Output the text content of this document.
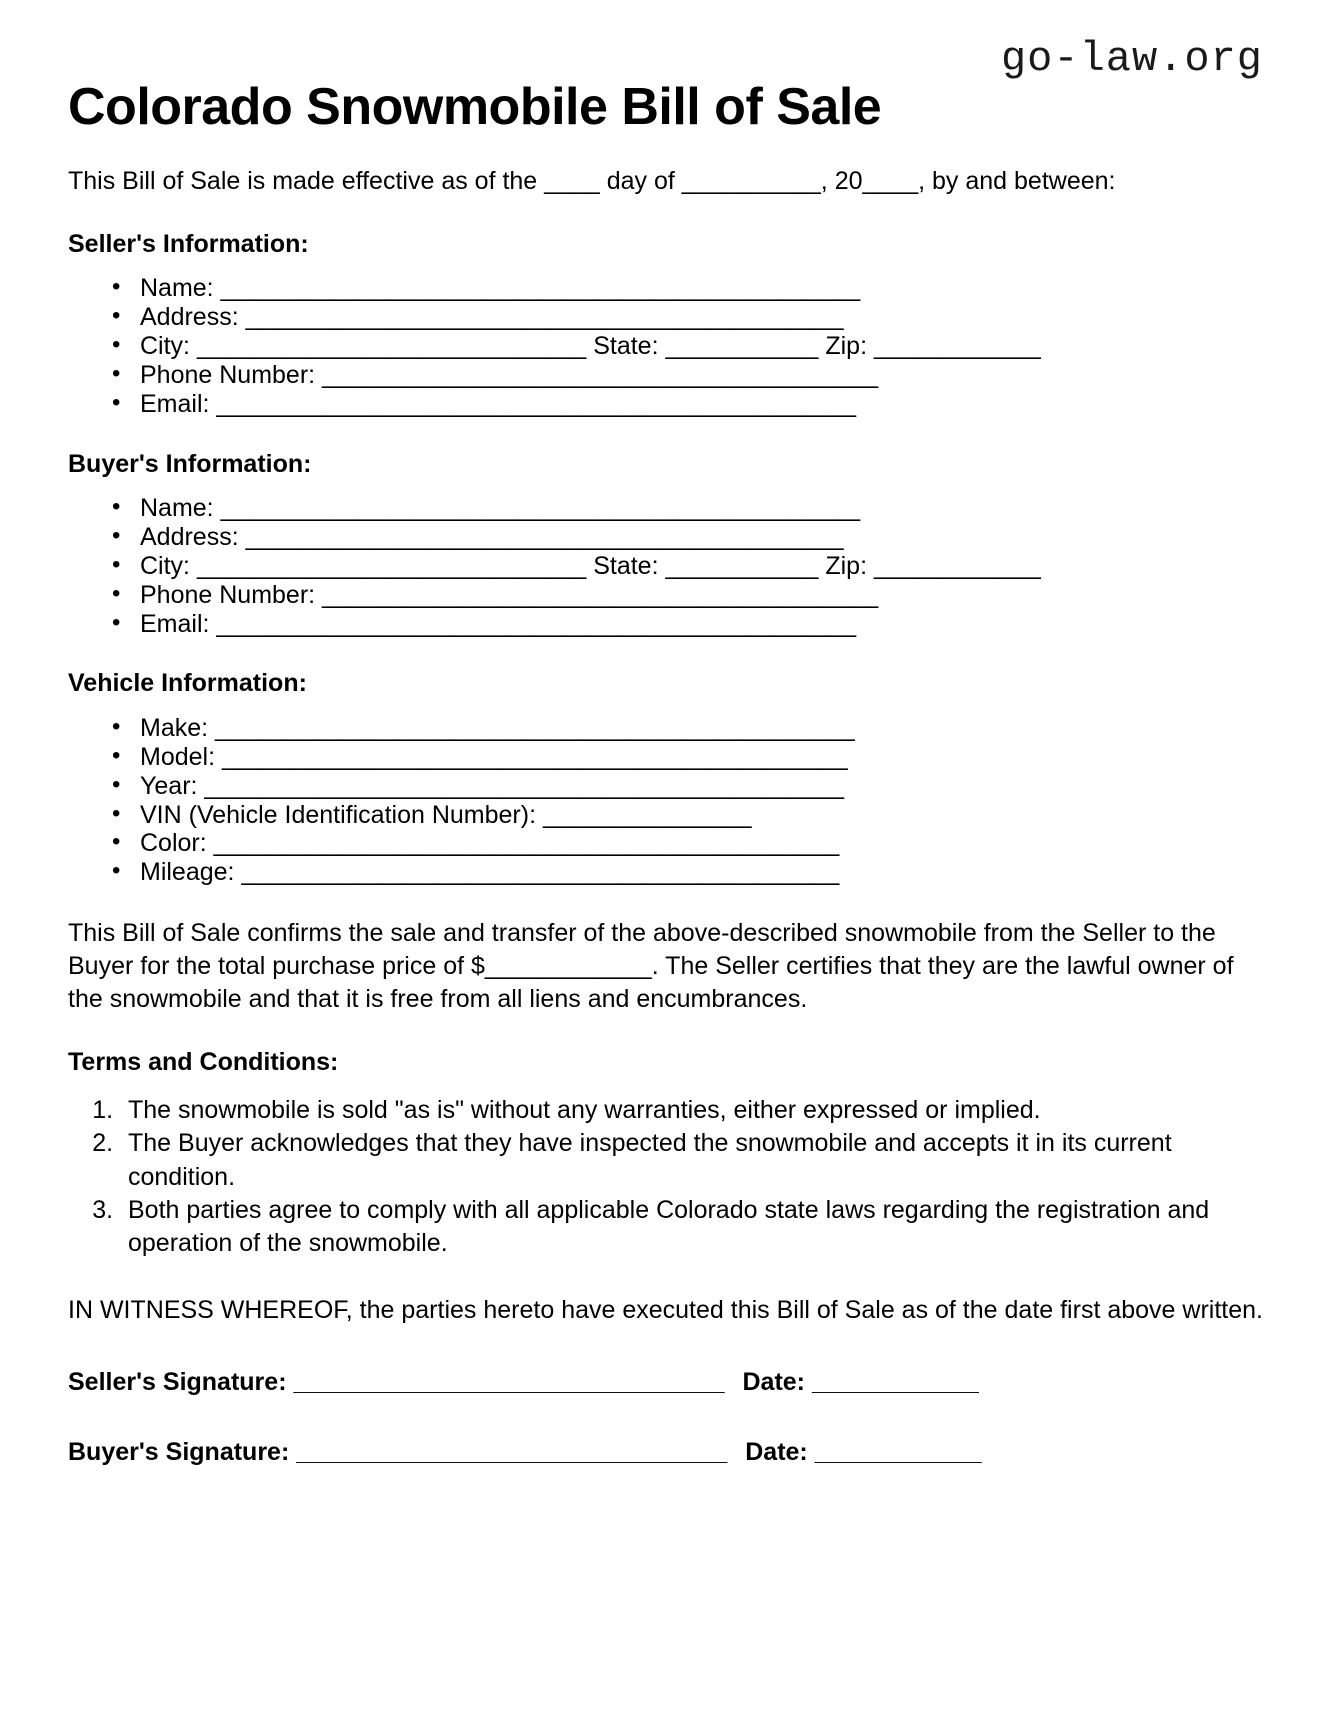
go-law.org
Colorado Snowmobile Bill of Sale

This Bill of Sale is made effective as of the ____ day of __________, 20____, by and between:

Seller's Information:
• Name: ______________________________________________
• Address: ___________________________________________
• City: ____________________________ State: ___________ Zip: ____________
• Phone Number: ________________________________________
• Email: ______________________________________________
Buyer's Information:
• Name: ______________________________________________
• Address: ___________________________________________
• City: ____________________________ State: ___________ Zip: ____________
• Phone Number: ________________________________________
• Email: ______________________________________________
Vehicle Information:
• Make: ______________________________________________
• Model: _____________________________________________
• Year: ______________________________________________
• VIN (Vehicle Identification Number): _______________
• Color: _____________________________________________
• Mileage: ___________________________________________

This Bill of Sale confirms the sale and transfer of the above-described snowmobile from the Seller to the Buyer for the total purchase price of $____________. The Seller certifies that they are the lawful owner of the snowmobile and that it is free from all liens and encumbrances.

Terms and Conditions:
1. The snowmobile is sold "as is" without any warranties, either expressed or implied.
2. The Buyer acknowledges that they have inspected the snowmobile and accepts it in its current condition.
3. Both parties agree to comply with all applicable Colorado state laws regarding the registration and operation of the snowmobile.

IN WITNESS WHEREOF, the parties hereto have executed this Bill of Sale as of the date first above written.

Seller's Signature: _______________________________ Date: ____________
Buyer's Signature: _______________________________ Date: ____________
